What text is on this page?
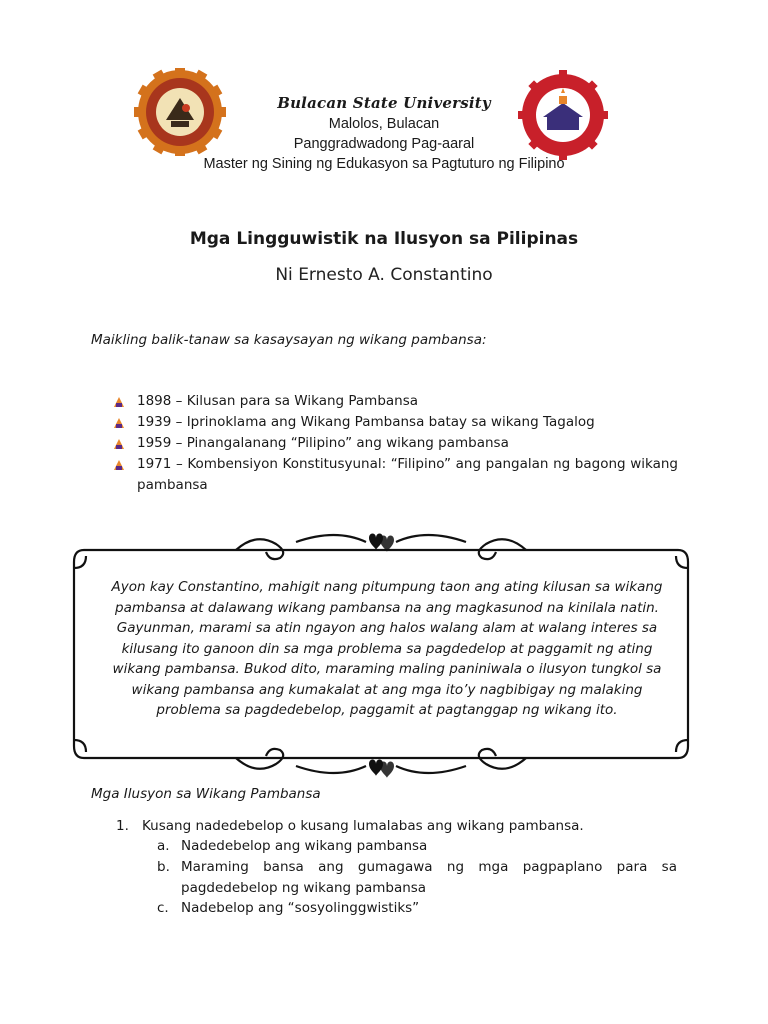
Bulacan State University
Malolos, Bulacan
Panggradwadong Pag-aaral
Master ng Sining ng Edukasyon sa Pagtuturo ng Filipino
Mga Lingguwistik na Ilusyon sa Pilipinas
Ni Ernesto A. Constantino
Maikling balik-tanaw sa kasaysayan ng wikang pambansa:
1898 – Kilusan para sa Wikang Pambansa
1939 – Iprinoklama ang Wikang Pambansa batay sa wikang Tagalog
1959 – Pinangalanang “Pilipino” ang wikang pambansa
1971 – Kombensiyon Konstitusyunal: “Filipino” ang pangalan ng bagong wikang pambansa
Ayon kay Constantino, mahigit nang pitumpung taon ang ating kilusan sa wikang pambansa at dalawang wikang pambansa na ang magkasunod na kinilala natin. Gayunman, marami sa atin ngayon ang halos walang alam at walang interes sa kilusang ito ganoon din sa mga problema sa pagdedelop at paggamit ng ating wikang pambansa. Bukod dito, maraming maling paniniwala o ilusyon tungkol sa wikang pambansa ang kumakalat at ang mga ito’y nagbibigay ng malaking problema sa pagdedebelop, paggamit at pagtanggap ng wikang ito.
Mga Ilusyon sa Wikang Pambansa
1. Kusang nadedebelop o kusang lumalabas ang wikang pambansa.
a. Nadedebelop ang wikang pambansa
b. Maraming bansa ang gumagawa ng mga pagpaplano para sa pagdedebelop ng wikang pambansa
c. Nadebelop ang “sosyolinggwistiks”
